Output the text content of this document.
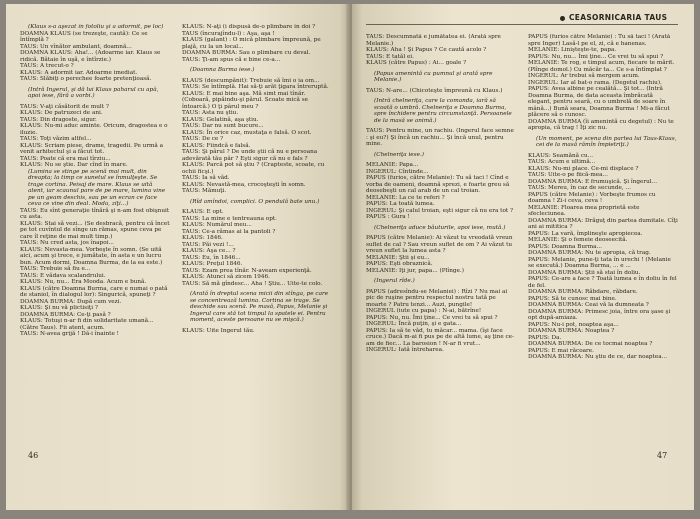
(Klaus s-a aşezat în fotoliu şi a adormit, pe loc)

DOAMNA KLAUS (se trezeşte, caută): Ce se întîmplă ?

TAUS: Un vînător ambulant, doamnă...

DOAMNA KLAUS: Aha!... (Adoarme iar. Klaus se ridică. Bătaie în uşă, e întîrzie.)

TAUS: A trecut-o ?

KLAUS: A adormit iar. Adoarme imediat.

TAUS: Slăbiţi o perechee foarte pretenţioasă.

(Intră Ingerul, şi dă lui Klaus paharul cu apă, apoi iese, fără a vorbi.)

TAUS: V-aţi căsătorit de mult ?

KLAUS: De patruzeci de ani.

TAUS: Din dragoste, sigur.

KLAUS: Nu-mi aduc aminte. Oricum, dragostea e o iluzie.

TAUS: Toţi văzim altfel...

KLAUS: Scriam piese, drame, tragedii. Pe urmă a venit arhitectul şi a făcut tot.

TAUS: Poate că era mai tîrziu...

KLAUS: Nu se ştie. Dar cînd în mare.

(Lumina se stinge pe scenă mai mult, din dreapta; la timp ce sunetul se înmulţeşte. Se trage cortina. Peisaj de mare. Klaus se uită atent, iar scaunul pare de pe mare, lumina vine pe un geam deschis, sau pe un ecran ce face ceva ce vine din deal. Moda, ziţi...)

TAUS: Eu sînt generaţie tînără şi n-am fost obişnuit cu asta.

KLAUS: Stai să vezi... (Se desbracă, pentru că încet pe tot cuvîntul de sînge un rămas, spune ceva pe care îl reţine de mai mult timp.)

TAUS: Nu cred asta, jos înapoi...

KLAUS: Nevasta-mea. Vorbeşte în somn. (Se uită aici, acum şi trece, e jumătate, în asta e un lucru bun. Acum dormi, Doamna Burma, de la ea este.)

TAUS: Trebuie să fiu e...

TAUS: E vădava scalandrului.

KLAUS: Nu, nu... Era Mooda. Acum e bună.

KLAUS (către Doamna Burma, care e numai o pată de staniol, în dialogul lor): Singurică, spuneţi ?

DOAMNA BURMA: După cum vezi.

KLAUS: Şi nu vă plictisiţi ?

DOAMNA BURMA: Ce-ţi pasă ?

KLAUS: Totuşi n-ar fi din solidaritate umană... (Către Taus). Fii atent, acum.

TAUS: N-avea grijă ! Dă-i înainte !

KLAUS: N-aţi (i dispusă de-o plimbare în doi ?

TAUS (încurajîndu-l) : Aşa, aşa !

KLAUS (galant) : O mică plimbare împreună, pe plajă, cu la un local...

DOAMNA BURMA: Sau o plimbare cu deval.

TAUS: Ţi-am spus că e bine ce-a...

(Doamna Burma iese.)

KLAUS (descumpănit): Trebuie să îmi o ia om...

TAUS: Se întîmplă. Hai să-ţi arăt ţigara întreruptă.

KLAUS: E mai bine aşa. Mă simt mai tînăr. (Coboară, pipăindu-şi părul. Scoate mică se întoarcă.) O ţi pârul meu ?

TAUS: Asta nu ştiu.

KLAUS: Gelatină, aşa ştiu.

TAUS: Dar nu sunt bucure...

KLAUS: În orice caz, mustaţa e falsă. O scot.

TAUS: De ce ?

KLAUS: Fiindcă e falsă.

TAUS: Şi pârul ? De unde ştii că nu e persoana adevărată tău păr ? Eşti sigur că nu e fals ?

KLAUS: Parcă pot să ştiu ? (Crapteste, scoate, cu ochii ficşi.)

TAUS: Ia să văd.

KLAUS: Nevastă-mea, crocoşteşti în somn.

TAUS: Mămuţi.

(Rîd amîndoi, complici. O pendulă bate unu.)

KLAUS: E opt.

TAUS: La mine e tentreauna opt.

KLAUS: Numărul meu...

TAUS: Ce-a rămas ai la pantoli ?

KLAUS: 1846.

TAUS: Păi vezi !...

KLAUS: Aşa ce... ?

TAUS: Eu, în 1846...

KLAUS: Preţul 1846.

TAUS: Ezam prea tînăr. N-aveam experienţă.

KLAUS: Atunci să zicem 1946.

TAUS: Să mă gîndesc... Aha ! Ştiu... Uite-te colo.

(Arată în dreptul scena micii din stînga, pe care se concentrează lumina. Cortina se trage. Se deschide sau scenă. Pe masă, Papus, Melanie şi Ingerul care stă tot timpul la spatele ei. Pentru moment, aceste persoane nu se mişcă.)

KLAUS: Uite Ingerul tău.

46
CEASORNICARIA TAUS

TAUS: Descumnată e jumătatea ei. (Arată spre Melanie.)

KLAUS: Aha ! Şi Papus ? Ce caută acolo ?

TAUS: E tatăl ei.

KLAUS (către Papus) : Ai... goale ?

(Papus amenintă cu pumnul şi arată spre Melanie.)

TAUS: N-are... (Chicoteşte împreună cu Klaus.)

(Intră chelneriţa, care la comanda, iară să scoată o umbră. Chelneriţa e Doamna Burma, spre închidere pentru circumstanţă. Persoanele de la masă se animă.)

TAUS: Pentru mine, un rachiu. (Ingerul face semne : şi eu?) Şi încă un rachiu... Şi încă unul, pentru mine.

(Chelneriţa iese.)

MELANIE: Papa...

INGERUL: Cîntinde...

PAPUS (furios, către Melanie): Tu să taci ! Cînd e vorba de oameni, doamnă sprezi, e foarte greu să deosebeşti un cal arab de un cal troian.

MELANIE: La ce te referi ?

PAPUS: La toată lumea.

INGERUL: Şi calul troian, eşti sigur că nu era tot ?

PAPUS : Gura !

(Chelneriţa aduce băuturile, apoi iese, mută.)

PAPUS (către Melanie): Ai văzut tu vreodată vreun suflet de cal ? Sau vreun suflet de om ? Ai văzut tu vreun suflet la lumea asta ?

MELANIE: Ştii şi eu...

PAPUS: Eşti obraznică.

MELANIE: Iţi jur, papa... (Plînge.)

(Ingerul rîde.)

PAPUS (adresîndu-se Melaniei) : Rîzi ? Nu mai ai pic de ruşine pentru respectul nostru tată pe moarte ? Patru tenzi... Auzi, pungile!

INGERUL (iute cu papa) : N-ai, bătrîne!

PAPUS: Nu, nu. Îmi ţine... Ce vrei tu să spui ?

INGERUL: Încă puţin, şi e gata...

PAPUS: Ia să te văd, tu măcar... mama. (îşi face cruce.) Dacă m-ai fi pus pe de altă lume, aş ţine ce-am de fiec... La barosion ! N-ar fi vrut...

INGERUL: Iată întreharea.

PAPUS (furios către Melanie) : Tu să taci ! (Arată spre Inger) Lasă-l pe el, zi, că e hanenas.

MELANIE: Linişteşte-te, papa.

PAPUS: Nu, nu... Îmi ţine... Ce vrei tu să spui ?

MELANIE: Te rog, e timpul acum, fiecare te mărit. (Plînge domol.) Cu măcăr ta... Ce s-a întîmplat ?

INGERUL: Ar trebui să mergem acum.

INGERUL: Iar al bat-o rama. (Degetul rachiu).

PAPUS: Avea albine pe cealătă... Şi tot... (Intră Doamna Burma, de data aceasta îmbrăcată elegant, pentru seară, cu o umbrelă de soare în mână...) Bună seara, Doamna Burma ! Mi-a făcut plăcere să o cunosc.

DOAMNA BURMA (îi amenintă cu degetul) : Nu te apropia, că trag ! Îţi zic nu.

(Un moment, pe scena din partea lui Taus-Klaus, cei de la masă rămîn împietriţi.)

KLAUS: Seamănă cu...

TAUS: Acum e ultimă...

KLAUS: Nu-mi place. Ce-mi displace ?

TAUS: Uite-o pe fiică-mea...

DOAMNA BURMA: E frumuşică. Şi îngerul...

TAUS: Mereu, în caz de secunde, ...

PAPUS (către Melanie) : Vorbeşte frumos cu doamna ! Zi-i ceva, ceva !

MELANIE: Floarea mea proprietă este sfecleciunea.

DOAMNA BURMA: Drăguţ din partea dumitale. Cîţi ani ai mititica ?

PAPUS: La vară, împlineşte apropiecea.

MELANIE: Şi o femeie deoseecită.

PAPUS: Doamna Burma...

DOAMNA BURMA: Nu te apropia, că trag.

PAPUS: Melanie, pune-ţi tata în urechi ! (Melanie se execută.) Doamna Burma, ... e ...

DOAMNA BURMA: Ştii să stai în doliu.

PAPUS: Ce-are a face ? Toată lumea e în doliu în fel de fel.

DOAMNA BURMA: Răbdare, răbdare.

PAPUS: Să te cunosc mai bine.

DOAMNA BURMA: Ceai vă la dumneata ?

DOAMNA BURMA: Primesc joia, între ora şase şi opt după-amiaza.

PAPUS: Nu-i pot, noaptea aşa...

DOAMNA BURMA: Noaptea ?

PAPUS: Da.

DOAMNA BURMA: De ce tocmai noaptea ?

PAPUS: E mai răcoare.

DOAMNA BURMA: Nu ştiu de ce, dar noaptea...

47
